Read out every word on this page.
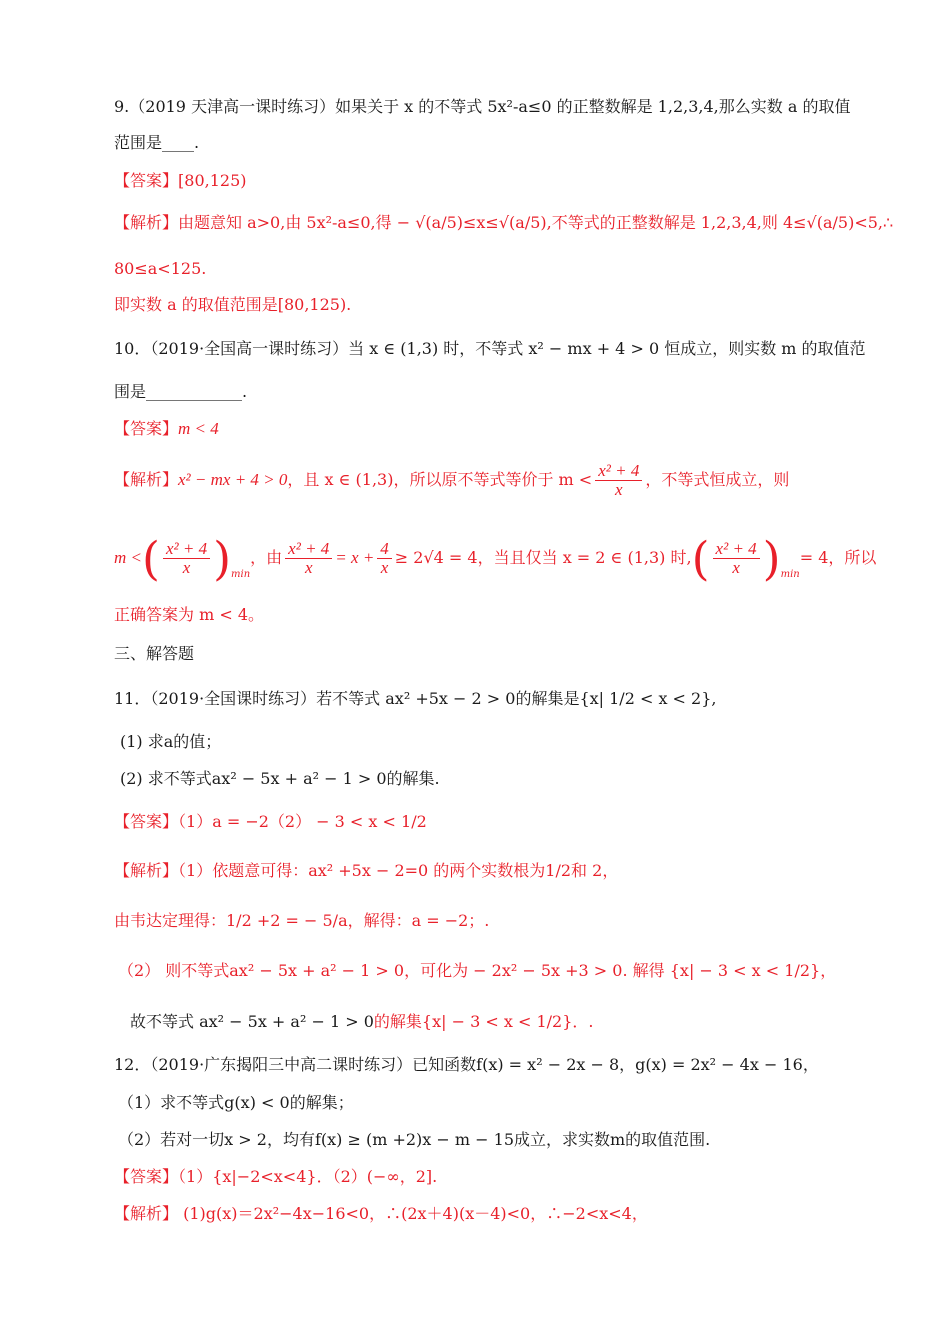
9.（2019 天津高一课时练习）如果关于 x 的不等式 5x²-a≤0 的正整数解是 1,2,3,4,那么实数 a 的取值
范围是____.
【答案】[80,125)
【解析】由题意知 a>0,由 5x²-a≤0,得 − √(a/5)≤x≤√(a/5),不等式的正整数解是 1,2,3,4,则 4≤√(a/5)<5,∴
80≤a<125.
即实数 a 的取值范围是[80,125).
10．（2019·全国高一课时练习）当 x ∈ (1,3) 时，不等式 x² − mx + 4 > 0 恒成立，则实数 m 的取值范
围是____________.
【答案】m < 4
【解析】x² − mx + 4 > 0，且 x ∈ (1,3)，所以原不等式等价于 $m < \frac{\text{x² + 4}}{x}$ ，不等式恒成立，则
m <( $\frac{\text{x² + 4}}{x} )_{min}$，由 $\frac{\text{x² + 4}}{x} = x + \frac{4}{x} \ge 2√4 = 4$，当且仅当 x = 2 ∈ (1,3) 时,( $\frac{\text{x² + 4}}{x} )_{min}= 4$，所以
正确答案为 m < 4。
三、解答题
11．（2019·全国课时练习）若不等式 ax² +5x − 2 > 0的解集是{x| 1/2 < x < 2},
(1) 求a的值；
(2) 求不等式ax² − 5x + a² − 1 > 0的解集.
【答案】（1）a = −2（2） − 3 < x < 1/2
【解析】（1）依题意可得：ax² +5x − 2=0 的两个实数根为1/2和 2，
由韦达定理得：1/2 +2 = − 5/a，解得：a = −2；.
（2） 则不等式ax² − 5x + a² − 1 > 0，可化为 − 2x² − 5x +3 > 0. 解得 {x| − 3 < x < 1/2}，
故不等式 ax² − 5x + a² − 1 > 0的解集{x| − 3 < x < 1/2}．.
12．（2019·广东揭阳三中高二课时练习）已知函数f(x) = x² − 2x − 8，g(x) = 2x² − 4x − 16，
（1）求不等式g(x) < 0的解集；
（2）若对一切x > 2，均有f(x) ≥ (m +2)x − m − 15成立，求实数m的取值范围.
【答案】（1）{x|−2<x<4}．（2）(−∞，2].
【解析】 (1)g(x)＝2x²−4x−16<0，∴(2x＋4)(x－4)<0，∴−2<x<4，
